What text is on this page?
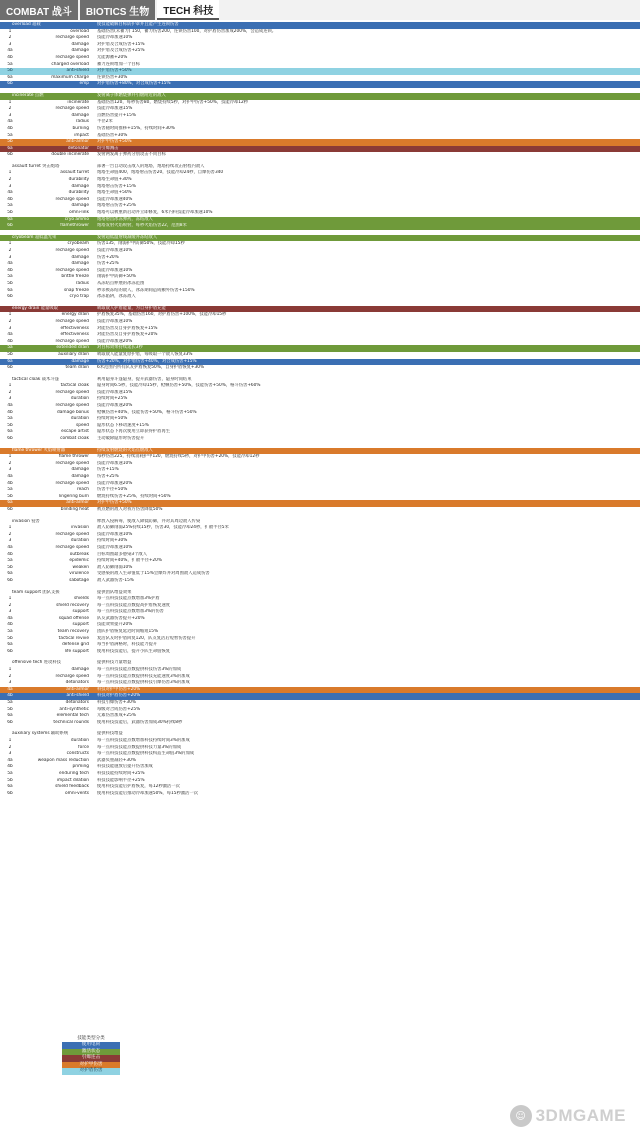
COMBAT 战斗	BIOTICS 生物	TECH 科技
overload 超载	使技能破解目标防护罩并且能产生连锁伤害
1	overload	基础伤害(未蓄力) 150，蓄力伤害200，连锁伤害100，对护盾伤害加成200%，会造成连锁。
2	recharge speed	技能冷却加速10%
3	damage	对护盾及合成伤害+15%
4a	damage	对护盾及合成伤害+25%
4b	recharge speed	无能源蓄+20%
5a	charged overload	蓄力连锁增加一个目标
5b	anti-shield	对护盾伤害+50%
6a	maximum charge	连锁伤害+30%
6b	emp	对护盾伤害+80%，对合成伤害+15%
incinerate 点燃	发射离子体燃烧弹并引燃附近的敌人
1	incinerate	基础伤害120，每秒伤害80，燃烧持续5秒，对护甲伤害+50%，技能冷却12秒
2	recharge speed	技能冷却加速15%
3	damage	点燃伤害提升+15%
4a	radius	半径2米
4b	burning	伤害随时间推移+15%，持续时间+30%
5a	impact	基础伤害+30%
5b	anti-armor	对护甲伤害+50%
6a	detonator	均引爆溅击
6b	double incinerate	发射两发离子弹药分别攻击不同目标
assault turret 突击炮塔	部署一台自动攻击敌人的炮塔，炮塔持续攻击射程内敌人
1	assault turret	炮塔生命值400，炮塔射击伤害20，技能冷却24秒，自爆伤害340
2	durability	炮塔生命值+30%
3	damage	炮塔射击伤害+15%
4a	durability	炮塔生命值+50%
4b	recharge speed	技能冷却加速40%
5a	damage	炮塔射击伤害+25%
5b	omni-link	炮塔可以被重新启动并立即修复，6米内科技能冷却加速10%
6a	cryo ammo	炮塔射出冰冻弹药，冻结敌人
6b	flamethrower	炮塔发射火焰喷射，每秒火焰伤害22，范围8米
cryobeam 超低温光束	发射超低温射线减缓并冻结敌人
1	cryobeam	伤害135，削弱护甲防御50%，技能冷却15秒
2	recharge speed	技能冷却加速10%
3	damage	伤害+20%
4a	damage	伤害+25%
4b	recharge speed	技能冷却加速10%
5a	brittle freeze	削弱护甲防御+50%
5b	radius	从冻结点伸展的冰冻范围
6a	snap freeze	秒杀被冻结的敌人，冰冻期间造成额外伤害+150%
6b	cryo trap	冰冻陷阱，冰冻敌人
energy drain 能量吸取	吸取敌人护盾能量，为自身护盾充能
1	energy drain	护盾恢复35%，基础伤害160，对护盾伤害+100%，技能冷却15秒
2	recharge speed	技能冷却加速10%
3	effectiveness	对能伤害及自身护盾恢复+15%
4a	effectiveness	对能伤害及自身护盾恢复+20%
4b	recharge speed	技能冷却加速20%
5a	extended drain	对目标效果持续延长3秒
5b	auxiliary drain	吸取敌人能量复原护盾，每吸取一个敌人恢复33%
6a	damage	伤害+20%，对护盾伤害+40%，对合成伤害+15%
6b	team drain	6米范围内所有队友护盾恢复50%，自身护盾恢复+30%
tactical cloak 战术斗篷	利用隐身斗篷隐身，提升武器伤害，隐身时间结束
1	tactical cloak	隐身时间6.5秒，技能冷却15秒，枪械伤害+50%，技能伤害+50%，格斗伤害+60%
2	recharge speed	技能冷却加速15%
3	duration	持续时间+25%
4a	recharge speed	技能冷却加速20%
4b	damage bonus	枪械伤害+40%，技能伤害+50%，格斗伤害+50%
5a	duration	持续时间+50%
5b	speed	隐形状态下移动速度+15%
6a	escape artist	隐形状态下再次使用立即获得护盾再生
6b	combat cloak	主动破除隐形时伤害提升
flame thrower 火焰喷射器	持续发射燃烧的火焰点燃敌人
1	flame thrower	每秒伤害225，持续消耗护甲120，燃烧持续5秒，对护甲伤害+20%，技能冷却12秒
2	recharge speed	技能冷却加速10%
3	damage	伤害+15%
4a	damage	伤害+25%
4b	recharge speed	技能冷却加速20%
5a	reach	伤害半径+50%
5b	lingering burn	燃烧持续伤害+25%，持续时间+50%
6a	anti-armor	对护甲伤害+50%
6b	blinding heat	被点燃的敌人对我方伤害降低50%
invasion 侵害	释放入侵病毒，使敌人降低防御，并对其周边敌人传染
1	invasion	敌人防御削弱25%持续15秒，伤害30，技能冷却24秒，扩散半径5米
2	recharge speed	技能冷却加速10%
3	duration	持续时间+30%
4a	recharge speed	技能冷却加速10%
4b	outbreak	目标周围最多感染3个敌人
5a	epidemic	持续时间+40%，扩散半径+20%
5b	weaken	敌人防御削弱10%
6a	virulence	受感染的敌人生命值低于15%会爆炸并对周围敌人造成伤害
6b	sabotage	敌人武器伤害-15%
team support 团队支援	提供团队增益效果
1	shields	每一点科技技能点数增加3%护盾
2	shield recovery	每一点科技技能点数提高护盾恢复速度
3	support	每一点科技技能点数增加3%的伤害
4a	squad offense	队友武器伤害提升+20%
4b	support	技能效果提升20%
5a	team recovery	团队护盾恢复延迟时间缩短15%
5b	tactical revive	复活队友时护盾回复120，队友复活后短暂伤害提升
6a	defense grid	每当护盾满格时，科技能力提升
6b	life support	使用科技技能后，提升小队生命值恢复
offensive tech 进攻科技	提供科技力量增益
1	damage	每一点科技技能点数提供科技伤害3%的加成
2	recharge speed	每一点科技技能点数提供科技充能速度3%的加成
3	detonators	每一点科技技能点数提供科技引爆伤害3%的加成
4a	anti-armor	科技对护甲伤害+20%
4b	anti-shield	科技对护盾伤害+20%
5a	detonators	科技引爆伤害+30%
5b	anti-synthetic	每级对合成伤害+25%
6a	elemental tech	元素伤害加成+25%
6b	technical rounds	使用科技技能后，武器伤害加成30%持续8秒
auxiliary systems 辅助系统	提供科技增益
1	duration	每一点科技技能点数增加科技持续时间3%的加成
2	force	每一点科技技能点数提供科技力量3%的加成
3	constructs	每一点科技技能点数提供科技构造生命值3%的加成
4a	weapon mass reduction	武器负重减轻+30%
4b	priming	科技技能施放后提升伤害加成
5a	enduring tech	科技技能持续时间+25%
5b	impact dilation	科技技能影响半径+25%
6a	shield feedback	使用科技技能后护盾恢复，每12秒激活一次
6b	omni-vents	使用科技技能后推动冷却加速50%，每15秒激活一次
技能类型分类
使用电荷
激活状态
引爆连击
对护甲伤害
对护盾伤害
☺ 3DMGAME
